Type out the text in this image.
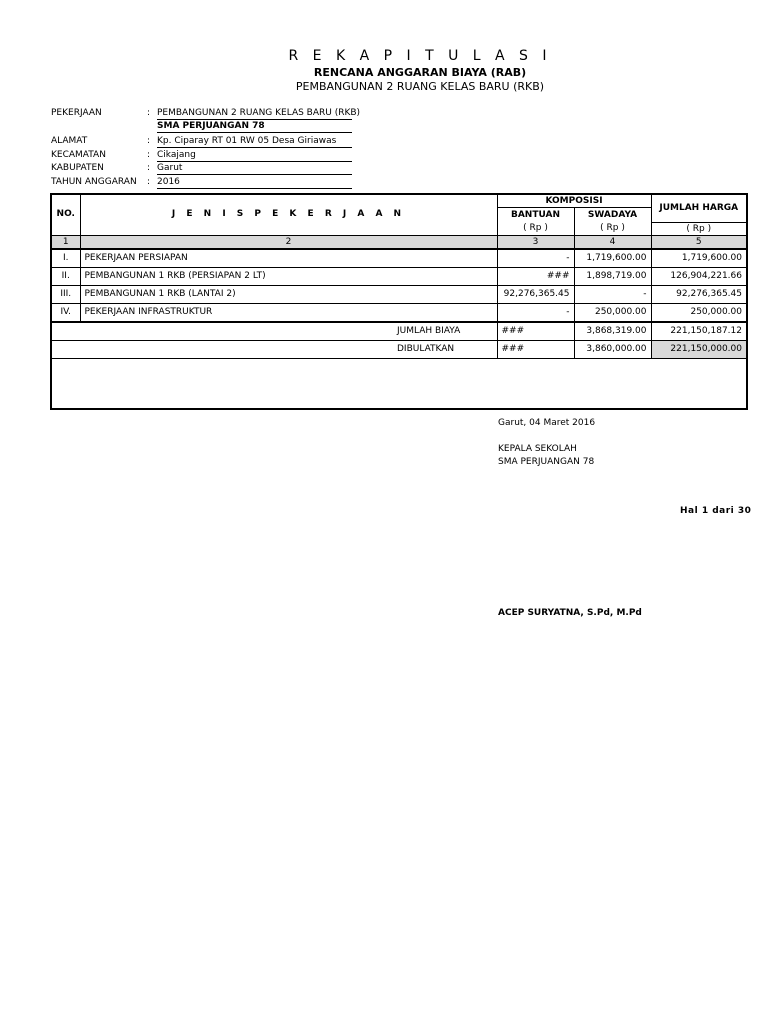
R E K A P I T U L A S I
RENCANA ANGGARAN BIAYA (RAB)
PEMBANGUNAN 2 RUANG KELAS BARU (RKB)
PEKERJAAN	: PEMBANGUNAN 2 RUANG KELAS BARU (RKB)
SMA PERJUANGAN 78
ALAMAT	: Kp. Ciparay RT 01 RW 05 Desa Giriawas
KECAMATAN	: Cikajang
KABUPATEN	: Garut
TAHUN ANGGARAN : 2016
NO.	J E N I S P E K E R J A A N	KOMPOSISI		JUMLAH HARGA
		BANTUAN	SWADAYA	
		( Rp )	( Rp )	( Rp )
1	2	3	4	5
I.	PEKERJAAN PERSIAPAN	-	1,719,600.00	1,719,600.00
II.	PEMBANGUNAN 1 RKB (PERSIAPAN 2 LT)	###	1,898,719.00	126,904,221.66
III.	PEMBANGUNAN 1 RKB (LANTAI 2)	92,276,365.45	-	92,276,365.45
IV.	PEKERJAAN INFRASTRUKTUR	-	250,000.00	250,000.00
JUMLAH BIAYA		###	3,868,319.00	221,150,187.12
DIBULATKAN		###	3,860,000.00	221,150,000.00

Garut, 04 Maret 2016
KEPALA SEKOLAH
SMA PERJUANGAN 78
Hal 1 dari 30
ACEP SURYATNA, S.Pd, M.Pd
